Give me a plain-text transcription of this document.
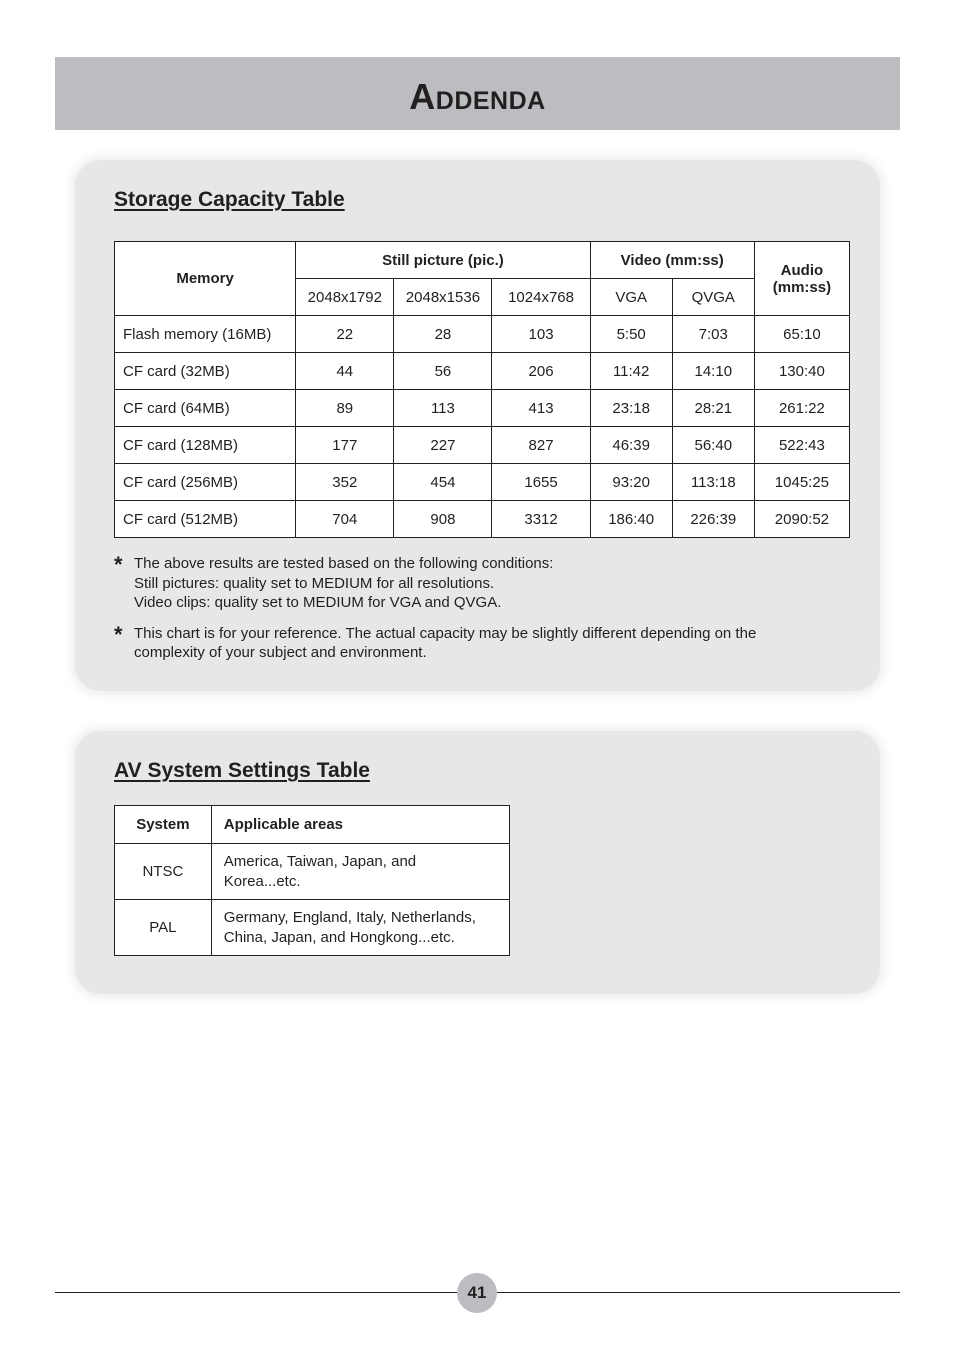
Addenda
Storage Capacity Table
Memory	Still picture (pic.)			Video (mm:ss)		Audio
(mm:ss)
	2048x1792	2048x1536	1024x768	VGA	QVGA	
Flash memory (16MB)	22	28	103	5:50	7:03	65:10
CF card (32MB)	44	56	206	11:42	14:10	130:40
CF card (64MB)	89	113	413	23:18	28:21	261:22
CF card (128MB)	177	227	827	46:39	56:40	522:43
CF card (256MB)	352	454	1655	93:20	113:18	1045:25
CF card (512MB)	704	908	3312	186:40	226:39	2090:52
* The above results are tested based on the following conditions:
Still pictures: quality set to MEDIUM for all resolutions.
Video clips: quality set to MEDIUM for VGA and QVGA.
* This chart is for your reference. The actual capacity may be slightly different depending on the
complexity of your subject and environment.
AV System Settings Table
System	Applicable areas
NTSC	America, Taiwan, Japan, and
Korea...etc.
PAL	Germany, England, Italy, Netherlands,
China, Japan, and Hongkong...etc.
41
